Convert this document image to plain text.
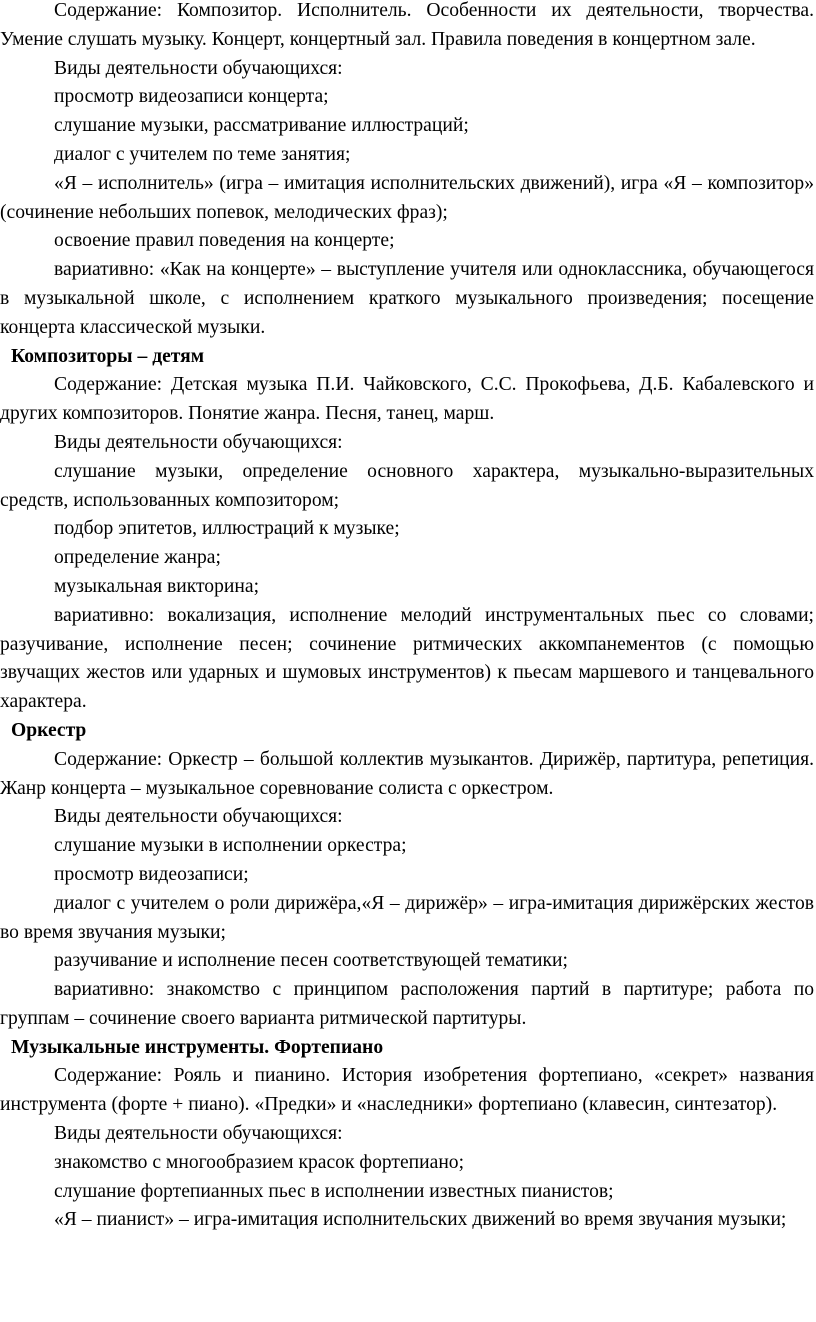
Содержание: Композитор. Исполнитель. Особенности их деятельности, творчества. Умение слушать музыку. Концерт, концертный зал. Правила поведения в концертном зале.

Виды деятельности обучающихся:

просмотр видеозаписи концерта;

слушание музыки, рассматривание иллюстраций;

диалог с учителем по теме занятия;

«Я – исполнитель» (игра – имитация исполнительских движений), игра «Я – композитор» (сочинение небольших попевок, мелодических фраз);

освоение правил поведения на концерте;

вариативно: «Как на концерте» – выступление учителя или одноклассника, обучающегося в музыкальной школе, с исполнением краткого музыкального произведения; посещение концерта классической музыки.

Композиторы – детям

Содержание: Детская музыка П.И. Чайковского, С.С. Прокофьева, Д.Б. Кабалевского и других композиторов. Понятие жанра. Песня, танец, марш.

Виды деятельности обучающихся:

слушание музыки, определение основного характера, музыкально-выразительных средств, использованных композитором;

подбор эпитетов, иллюстраций к музыке;

определение жанра;

музыкальная викторина;

вариативно: вокализация, исполнение мелодий инструментальных пьес со словами; разучивание, исполнение песен; сочинение ритмических аккомпанементов (с помощью звучащих жестов или ударных и шумовых инструментов) к пьесам маршевого и танцевального характера.

Оркестр

Содержание: Оркестр – большой коллектив музыкантов. Дирижёр, партитура, репетиция. Жанр концерта – музыкальное соревнование солиста с оркестром.

Виды деятельности обучающихся:

слушание музыки в исполнении оркестра;

просмотр видеозаписи;

диалог с учителем о роли дирижёра,«Я – дирижёр» – игра-имитация дирижёрских жестов во время звучания музыки;

разучивание и исполнение песен соответствующей тематики;

вариативно: знакомство с принципом расположения партий в партитуре; работа по группам – сочинение своего варианта ритмической партитуры.

Музыкальные инструменты. Фортепиано

Содержание: Рояль и пианино. История изобретения фортепиано, «секрет» названия инструмента (форте + пиано). «Предки» и «наследники» фортепиано (клавесин, синтезатор).

Виды деятельности обучающихся:

знакомство с многообразием красок фортепиано;

слушание фортепианных пьес в исполнении известных пианистов;

«Я – пианист» – игра-имитация исполнительских движений во время звучания музыки;
